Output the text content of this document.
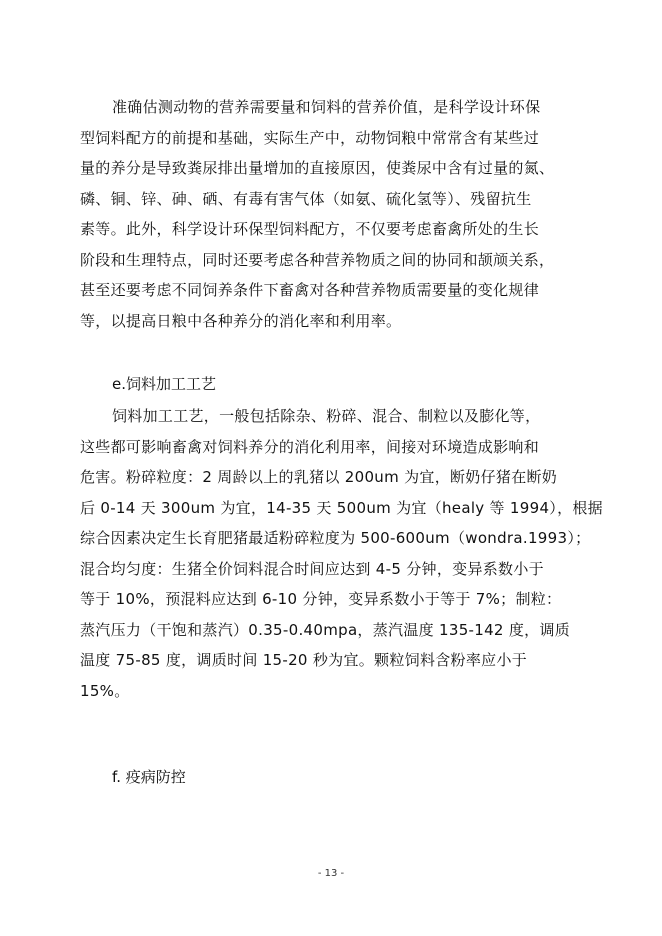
准确估测动物的营养需要量和饲料的营养价值，是科学设计环保
型饲料配方的前提和基础，实际生产中，动物饲粮中常常含有某些过
量的养分是导致粪尿排出量增加的直接原因，使粪尿中含有过量的氮、
磷、铜、锌、砷、硒、有毒有害气体（如氨、硫化氢等）、残留抗生
素等。此外，科学设计环保型饲料配方，不仅要考虑畜禽所处的生长
阶段和生理特点，同时还要考虑各种营养物质之间的协同和颉颃关系，
甚至还要考虑不同饲养条件下畜禽对各种营养物质需要量的变化规律
等，以提高日粮中各种养分的消化率和利用率。
e.饲料加工工艺
饲料加工工艺，一般包括除杂、粉碎、混合、制粒以及膨化等，
这些都可影响畜禽对饲料养分的消化利用率，间接对环境造成影响和
危害。粉碎粒度：2 周龄以上的乳猪以 200um 为宜，断奶仔猪在断奶
后 0-14 天 300um 为宜，14-35 天 500um 为宜（healy 等 1994），根据
综合因素决定生长育肥猪最适粉碎粒度为 500-600um（wondra.1993）；
混合均匀度：生猪全价饲料混合时间应达到 4-5 分钟，变异系数小于
等于 10%，预混料应达到 6-10 分钟，变异系数小于等于 7%；制粒：
蒸汽压力（干饱和蒸汽）0.35-0.40mpa，蒸汽温度 135-142 度，调质
温度 75-85 度，调质时间 15-20 秒为宜。颗粒饲料含粉率应小于
15%。
f. 疫病防控
- 13 -
